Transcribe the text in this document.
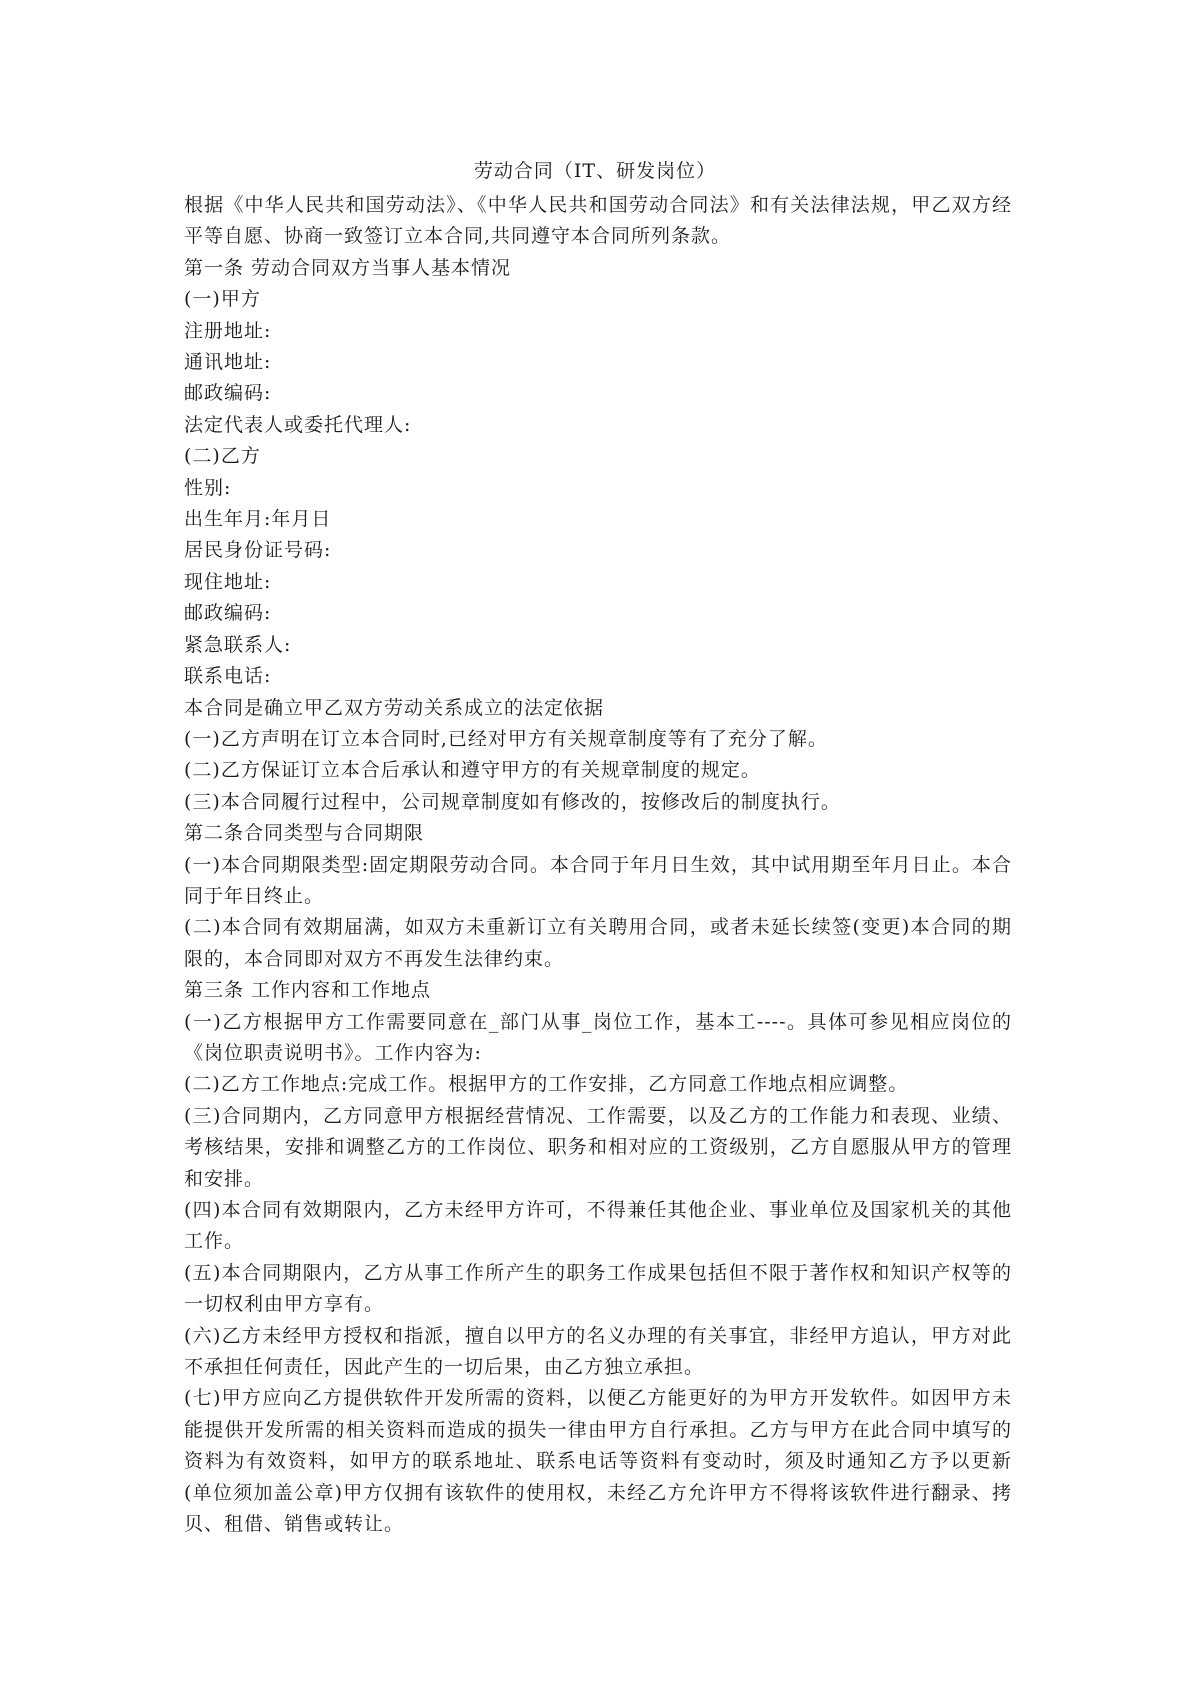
劳动合同（IT、研发岗位）

根据《中华人民共和国劳动法》、《中华人民共和国劳动合同法》和有关法律法规，甲乙双方经平等自愿、协商一致签订立本合同,共同遵守本合同所列条款。

第一条 劳动合同双方当事人基本情况

(一)甲方

注册地址:

通讯地址:

邮政编码:

法定代表人或委托代理人:

(二)乙方

性别:

出生年月:年月日

居民身份证号码:

现住地址:

邮政编码:

紧急联系人:

联系电话:

本合同是确立甲乙双方劳动关系成立的法定依据

(一)乙方声明在订立本合同时,已经对甲方有关规章制度等有了充分了解。

(二)乙方保证订立本合后承认和遵守甲方的有关规章制度的规定。

(三)本合同履行过程中，公司规章制度如有修改的，按修改后的制度执行。

第二条合同类型与合同期限

(一)本合同期限类型:固定期限劳动合同。本合同于年月日生效，其中试用期至年月日止。本合同于年日终止。

(二)本合同有效期届满，如双方未重新订立有关聘用合同，或者未延长续签(变更)本合同的期限的，本合同即对双方不再发生法律约束。

第三条 工作内容和工作地点

(一)乙方根据甲方工作需要同意在_部门从事_岗位工作，基本工----。具体可参见相应岗位的《岗位职责说明书》。工作内容为:

(二)乙方工作地点:完成工作。根据甲方的工作安排，乙方同意工作地点相应调整。

(三)合同期内，乙方同意甲方根据经营情况、工作需要，以及乙方的工作能力和表现、业绩、考核结果，安排和调整乙方的工作岗位、职务和相对应的工资级别，乙方自愿服从甲方的管理和安排。

(四)本合同有效期限内，乙方未经甲方许可，不得兼任其他企业、事业单位及国家机关的其他工作。

(五)本合同期限内，乙方从事工作所产生的职务工作成果包括但不限于著作权和知识产权等的一切权利由甲方享有。

(六)乙方未经甲方授权和指派，擅自以甲方的名义办理的有关事宜，非经甲方追认，甲方对此不承担任何责任，因此产生的一切后果，由乙方独立承担。

(七)甲方应向乙方提供软件开发所需的资料，以便乙方能更好的为甲方开发软件。如因甲方未能提供开发所需的相关资料而造成的损失一律由甲方自行承担。乙方与甲方在此合同中填写的资料为有效资料，如甲方的联系地址、联系电话等资料有变动时，须及时通知乙方予以更新(单位须加盖公章)甲方仅拥有该软件的使用权，未经乙方允许甲方不得将该软件进行翻录、拷贝、租借、销售或转让。
